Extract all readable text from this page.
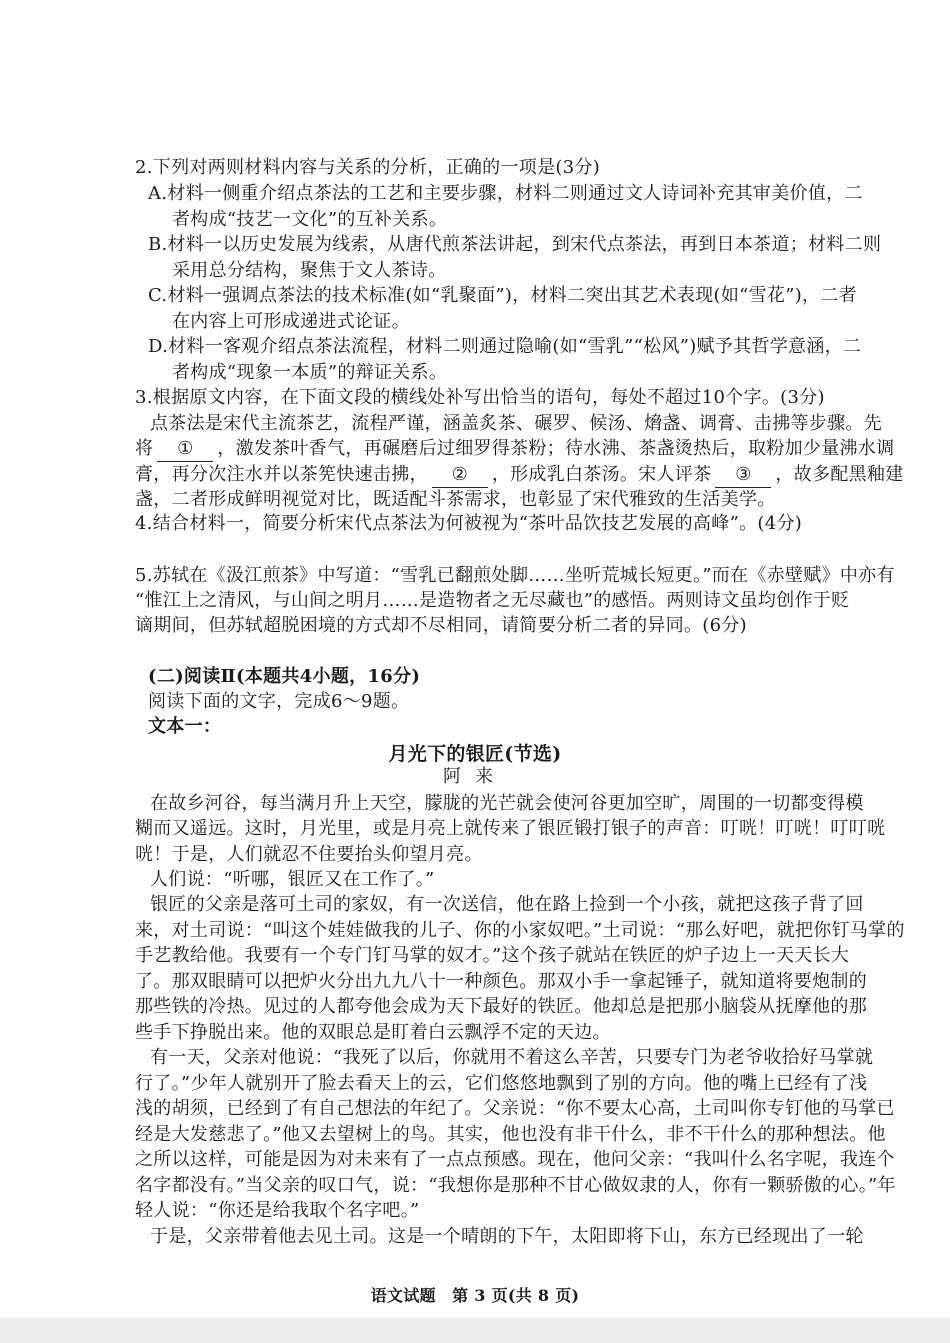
2.下列对两则材料内容与关系的分析，正确的一项是(3分)
A.材料一侧重介绍点茶法的工艺和主要步骤，材料二则通过文人诗词补充其审美价值，二
者构成“技艺一文化”的互补关系。
B.材料一以历史发展为线索，从唐代煎茶法讲起，到宋代点茶法，再到日本茶道；材料二则
采用总分结构，聚焦于文人茶诗。
C.材料一强调点茶法的技术标准(如“乳聚面”)，材料二突出其艺术表现(如“雪花”)，二者
在内容上可形成递进式论证。
D.材料一客观介绍点茶法流程，材料二则通过隐喻(如“雪乳”“松风”)赋予其哲学意涵，二
者构成“现象一本质”的辩证关系。
3.根据原文内容，在下面文段的横线处补写出恰当的语句，每处不超过10个字。(3分)
点茶法是宋代主流茶艺，流程严谨，涵盖炙茶、碾罗、候汤、熁盏、调膏、击拂等步骤。先
将 ① ，激发茶叶香气，再碾磨后过细罗得茶粉；待水沸、茶盏烫热后，取粉加少量沸水调
膏，再分次注水并以茶筅快速击拂， ② ，形成乳白茶汤。宋人评茶 ③ ，故多配黑釉建
盏，二者形成鲜明视觉对比，既适配斗茶需求，也彰显了宋代雅致的生活美学。
4.结合材料一，简要分析宋代点茶法为何被视为“茶叶品饮技艺发展的高峰”。(4分)
5.苏轼在《汲江煎茶》中写道：“雪乳已翻煎处脚……坐听荒城长短更。”而在《赤壁赋》中亦有
“惟江上之清风，与山间之明月……是造物者之无尽藏也”的感悟。两则诗文虽均创作于贬
谪期间，但苏轼超脱困境的方式却不尽相同，请简要分析二者的异同。(6分)
(二)阅读Ⅱ(本题共4小题，16分)
阅读下面的文字，完成6～9题。
文本一：
月光下的银匠(节选)
阿来
在故乡河谷，每当满月升上天空，朦胧的光芒就会使河谷更加空旷，周围的一切都变得模
糊而又遥远。这时，月光里，或是月亮上就传来了银匠锻打银子的声音：叮咣！叮咣！叮叮咣
咣！于是，人们就忍不住要抬头仰望月亮。
人们说：“听哪，银匠又在工作了。”
银匠的父亲是落可土司的家奴，有一次送信，他在路上捡到一个小孩，就把这孩子背了回
来，对土司说：“叫这个娃娃做我的儿子、你的小家奴吧。”土司说：“那么好吧，就把你钉马掌的
手艺教给他。我要有一个专门钉马掌的奴才。”这个孩子就站在铁匠的炉子边上一天天长大
了。那双眼睛可以把炉火分出九九八十一种颜色。那双小手一拿起锤子，就知道将要炮制的
那些铁的冷热。见过的人都夸他会成为天下最好的铁匠。他却总是把那小脑袋从抚摩他的那
些手下挣脱出来。他的双眼总是盯着白云飘浮不定的天边。
有一天，父亲对他说：“我死了以后，你就用不着这么辛苦，只要专门为老爷收拾好马掌就
行了。”少年人就别开了脸去看天上的云，它们悠悠地飘到了别的方向。他的嘴上已经有了浅
浅的胡须，已经到了有自己想法的年纪了。父亲说：“你不要太心高，土司叫你专钉他的马掌已
经是大发慈悲了。”他又去望树上的鸟。其实，他也没有非干什么，非不干什么的那种想法。他
之所以这样，可能是因为对未来有了一点点预感。现在，他问父亲：“我叫什么名字呢，我连个
名字都没有。”当父亲的叹口气，说：“我想你是那种不甘心做奴隶的人，你有一颗骄傲的心。”年
轻人说：“你还是给我取个名字吧。”
于是，父亲带着他去见土司。这是一个晴朗的下午，太阳即将下山，东方已经现出了一轮
语文试题　第 3 页(共 8 页)
